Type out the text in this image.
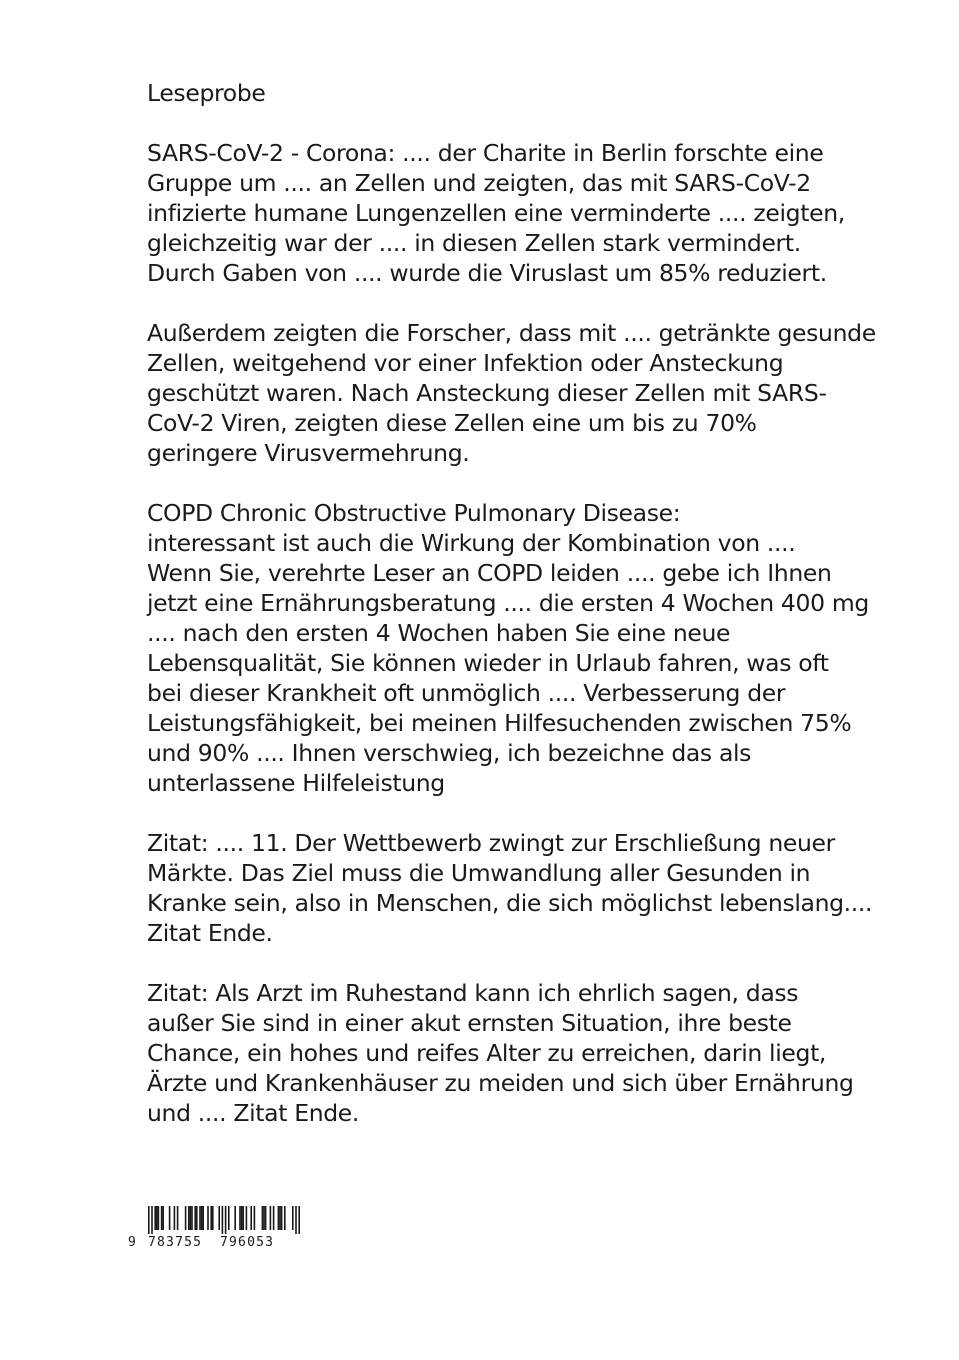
Leseprobe
SARS-CoV-2 - Corona: .... der Charite in Berlin forschte eine
Gruppe um .... an Zellen und zeigten, das mit SARS-CoV-2
infizierte humane Lungenzellen eine verminderte .... zeigten,
gleichzeitig war der .... in diesen Zellen stark vermindert.
Durch Gaben von .... wurde die Viruslast um 85% reduziert.
Außerdem zeigten die Forscher, dass mit .... getränkte gesunde
Zellen, weitgehend vor einer Infektion oder Ansteckung
geschützt waren. Nach Ansteckung dieser Zellen mit SARS-
CoV-2 Viren, zeigten diese Zellen eine um bis zu 70%
geringere Virusvermehrung.
COPD Chronic Obstructive Pulmonary Disease:
interessant ist auch die Wirkung der Kombination von ....
Wenn Sie, verehrte Leser an COPD leiden .... gebe ich Ihnen
jetzt eine Ernährungsberatung .... die ersten 4 Wochen 400 mg
.... nach den ersten 4 Wochen haben Sie eine neue
Lebensqualität, Sie können wieder in Urlaub fahren, was oft
bei dieser Krankheit oft unmöglich .... Verbesserung der
Leistungsfähigkeit, bei meinen Hilfesuchenden zwischen 75%
und 90% .... Ihnen verschwieg, ich bezeichne das als
unterlassene Hilfeleistung
Zitat: .... 11. Der Wettbewerb zwingt zur Erschließung neuer
Märkte. Das Ziel muss die Umwandlung aller Gesunden in
Kranke sein, also in Menschen, die sich möglichst lebenslang....
Zitat Ende.
Zitat: Als Arzt im Ruhestand kann ich ehrlich sagen, dass
außer Sie sind in einer akut ernsten Situation, ihre beste
Chance, ein hohes und reifes Alter zu erreichen, darin liegt,
Ärzte und Krankenhäuser zu meiden und sich über Ernährung
und .... Zitat Ende.
9 783755 796053
